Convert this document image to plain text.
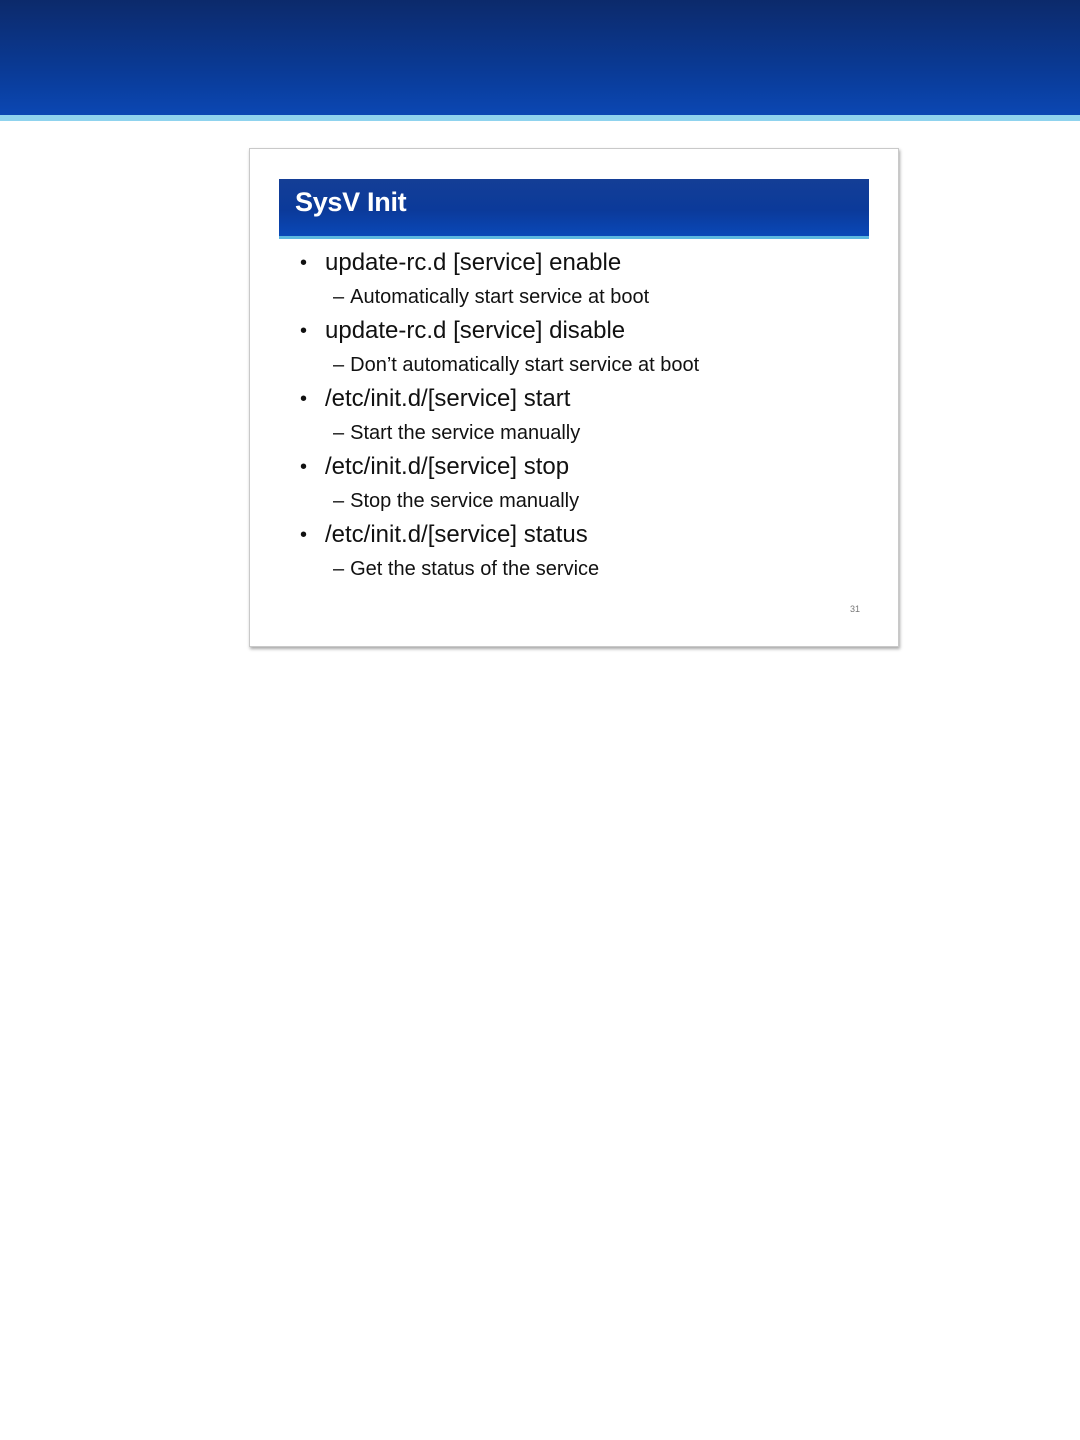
SysV Init
• update-rc.d [service] enable
– Automatically start service at boot
• update-rc.d [service] disable
– Don’t automatically start service at boot
• /etc/init.d/[service] start
– Start the service manually
• /etc/init.d/[service] stop
– Stop the service manually
• /etc/init.d/[service] status
– Get the status of the service
31
